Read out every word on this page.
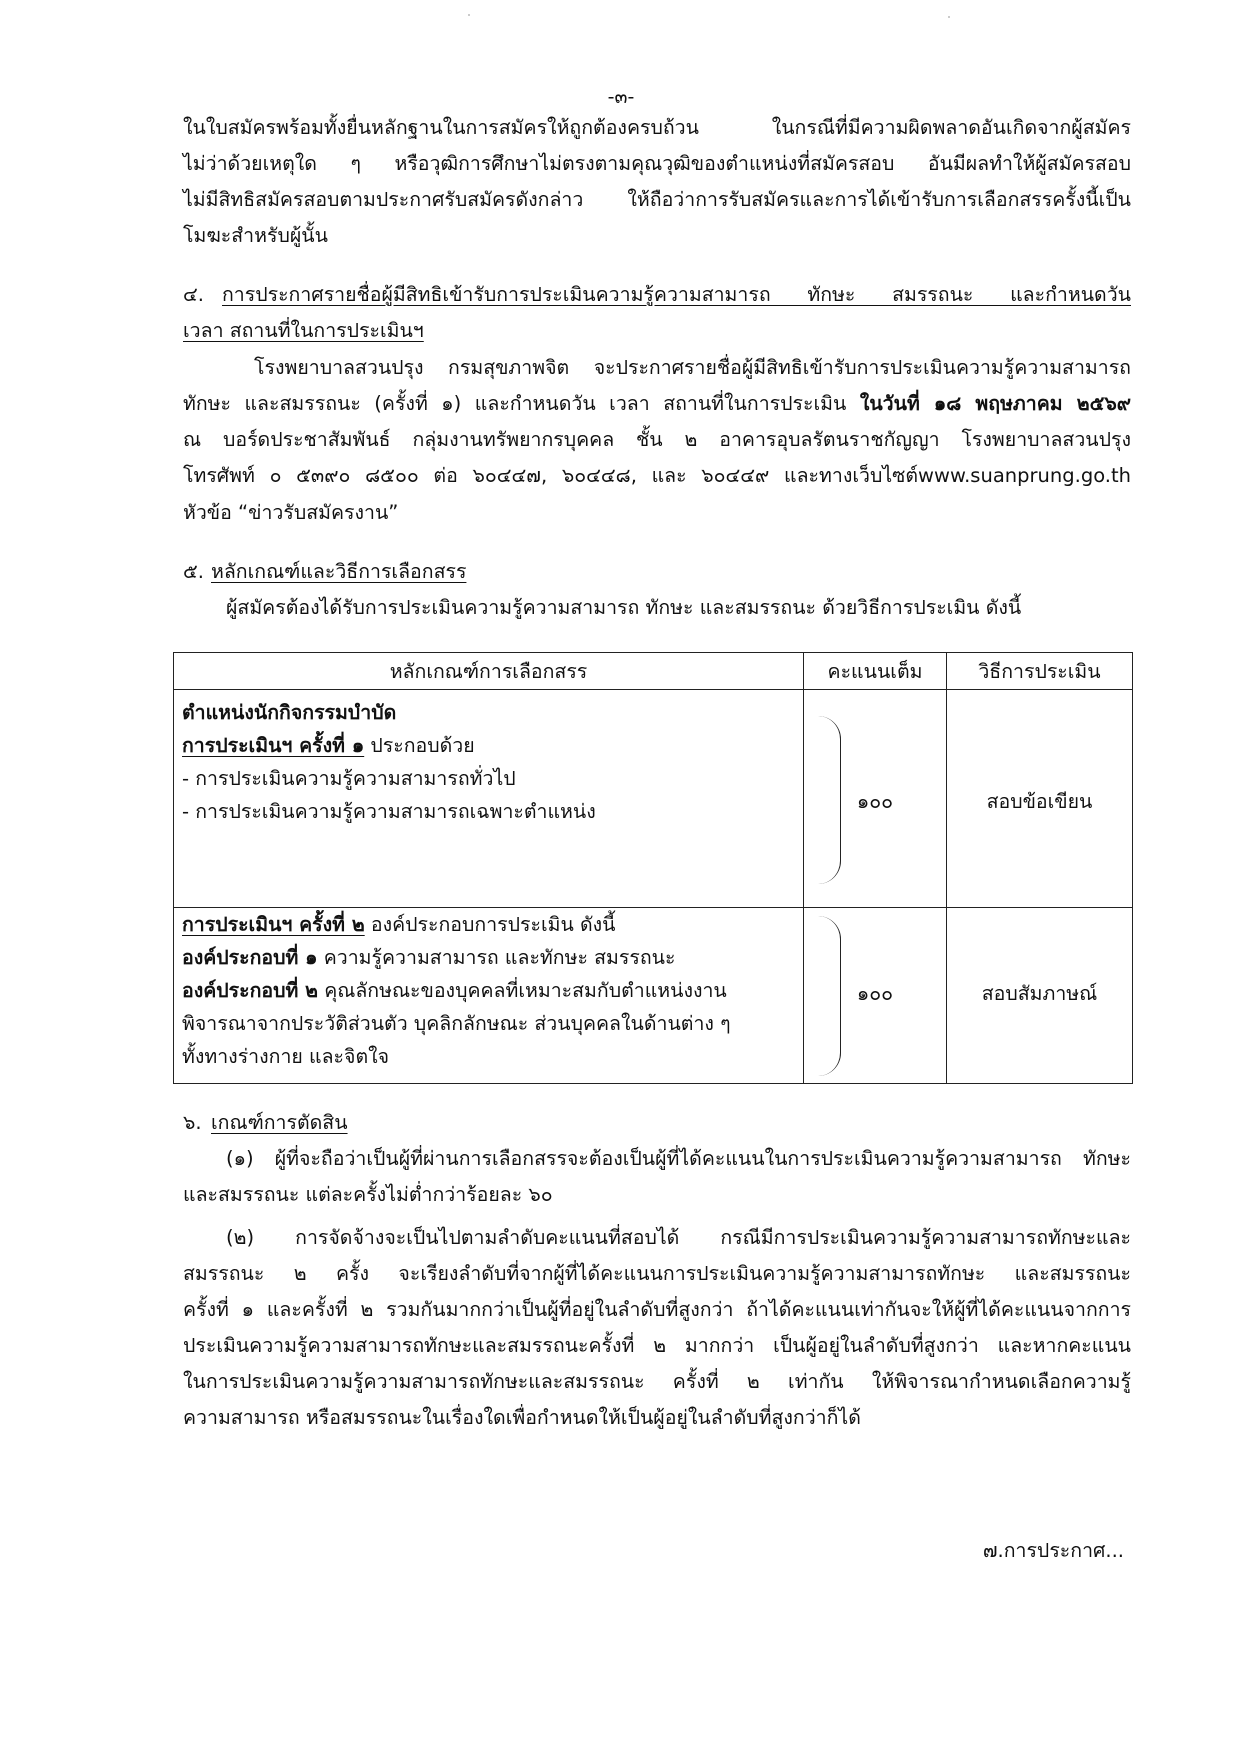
-๓-
ในใบสมัครพร้อมทั้งยื่นหลักฐานในการสมัครให้ถูกต้องครบถ้วน ในกรณีที่มีความผิดพลาดอันเกิดจากผู้สมัคร
ไม่ว่าด้วยเหตุใด ๆ หรือวุฒิการศึกษาไม่ตรงตามคุณวุฒิของตำแหน่งที่สมัครสอบ อันมีผลทำให้ผู้สมัครสอบ
ไม่มีสิทธิสมัครสอบตามประกาศรับสมัครดังกล่าว ให้ถือว่าการรับสมัครและการได้เข้ารับการเลือกสรรครั้งนี้เป็น
โมฆะสำหรับผู้นั้น
๔. การประกาศรายชื่อผู้มีสิทธิเข้ารับการประเมินความรู้ความสามารถ ทักษะ สมรรถนะ และกำหนดวัน
เวลา สถานที่ในการประเมินฯ
โรงพยาบาลสวนปรุง กรมสุขภาพจิต จะประกาศรายชื่อผู้มีสิทธิเข้ารับการประเมินความรู้ความสามารถ
ทักษะ และสมรรถนะ (ครั้งที่ ๑) และกำหนดวัน เวลา สถานที่ในการประเมิน ในวันที่ ๑๘ พฤษภาคม ๒๕๖๙
ณ บอร์ดประชาสัมพันธ์ กลุ่มงานทรัพยากรบุคคล ชั้น ๒ อาคารอุบลรัตนราชกัญญา โรงพยาบาลสวนปรุง
โทรศัพท์ ๐ ๕๓๙๐ ๘๕๐๐ ต่อ ๖๐๔๔๗, ๖๐๔๔๘, และ ๖๐๔๔๙ และทางเว็บไซต์www.suanprung.go.th
หัวข้อ “ข่าวรับสมัครงาน”
๕. หลักเกณฑ์และวิธีการเลือกสรร
ผู้สมัครต้องได้รับการประเมินความรู้ความสามารถ ทักษะ และสมรรถนะ ด้วยวิธีการประเมิน ดังนี้
หลักเกณฑ์การเลือกสรร	คะแนนเต็ม	วิธีการประเมิน

ตำแหน่งนักกิจกรรมบำบัด
การประเมินฯ ครั้งที่ ๑ ประกอบด้วย
- การประเมินความรู้ความสามารถทั่วไป
- การประเมินความรู้ความสามารถเฉพาะตำแหน่ง	๑๐๐	สอบข้อเขียน

การประเมินฯ ครั้งที่ ๒ องค์ประกอบการประเมิน ดังนี้
องค์ประกอบที่ ๑ ความรู้ความสามารถ และทักษะ สมรรถนะ
องค์ประกอบที่ ๒ คุณลักษณะของบุคคลที่เหมาะสมกับตำแหน่งงาน
พิจารณาจากประวัติส่วนตัว บุคลิกลักษณะ ส่วนบุคคลในด้านต่าง ๆ
ทั้งทางร่างกาย และจิตใจ	๑๐๐	สอบสัมภาษณ์
๖. เกณฑ์การตัดสิน
(๑) ผู้ที่จะถือว่าเป็นผู้ที่ผ่านการเลือกสรรจะต้องเป็นผู้ที่ได้คะแนนในการประเมินความรู้ความสามารถ ทักษะ
และสมรรถนะ แต่ละครั้งไม่ต่ำกว่าร้อยละ ๖๐
(๒) การจัดจ้างจะเป็นไปตามลำดับคะแนนที่สอบได้ กรณีมีการประเมินความรู้ความสามารถทักษะและ
สมรรถนะ ๒ ครั้ง จะเรียงลำดับที่จากผู้ที่ได้คะแนนการประเมินความรู้ความสามารถทักษะ และสมรรถนะ
ครั้งที่ ๑ และครั้งที่ ๒ รวมกันมากกว่าเป็นผู้ที่อยู่ในลำดับที่สูงกว่า ถ้าได้คะแนนเท่ากันจะให้ผู้ที่ได้คะแนนจากการ
ประเมินความรู้ความสามารถทักษะและสมรรถนะครั้งที่ ๒ มากกว่า เป็นผู้อยู่ในลำดับที่สูงกว่า และหากคะแนน
ในการประเมินความรู้ความสามารถทักษะและสมรรถนะ ครั้งที่ ๒ เท่ากัน ให้พิจารณากำหนดเลือกความรู้
ความสามารถ หรือสมรรถนะในเรื่องใดเพื่อกำหนดให้เป็นผู้อยู่ในลำดับที่สูงกว่าก็ได้
๗.การประกาศ...
